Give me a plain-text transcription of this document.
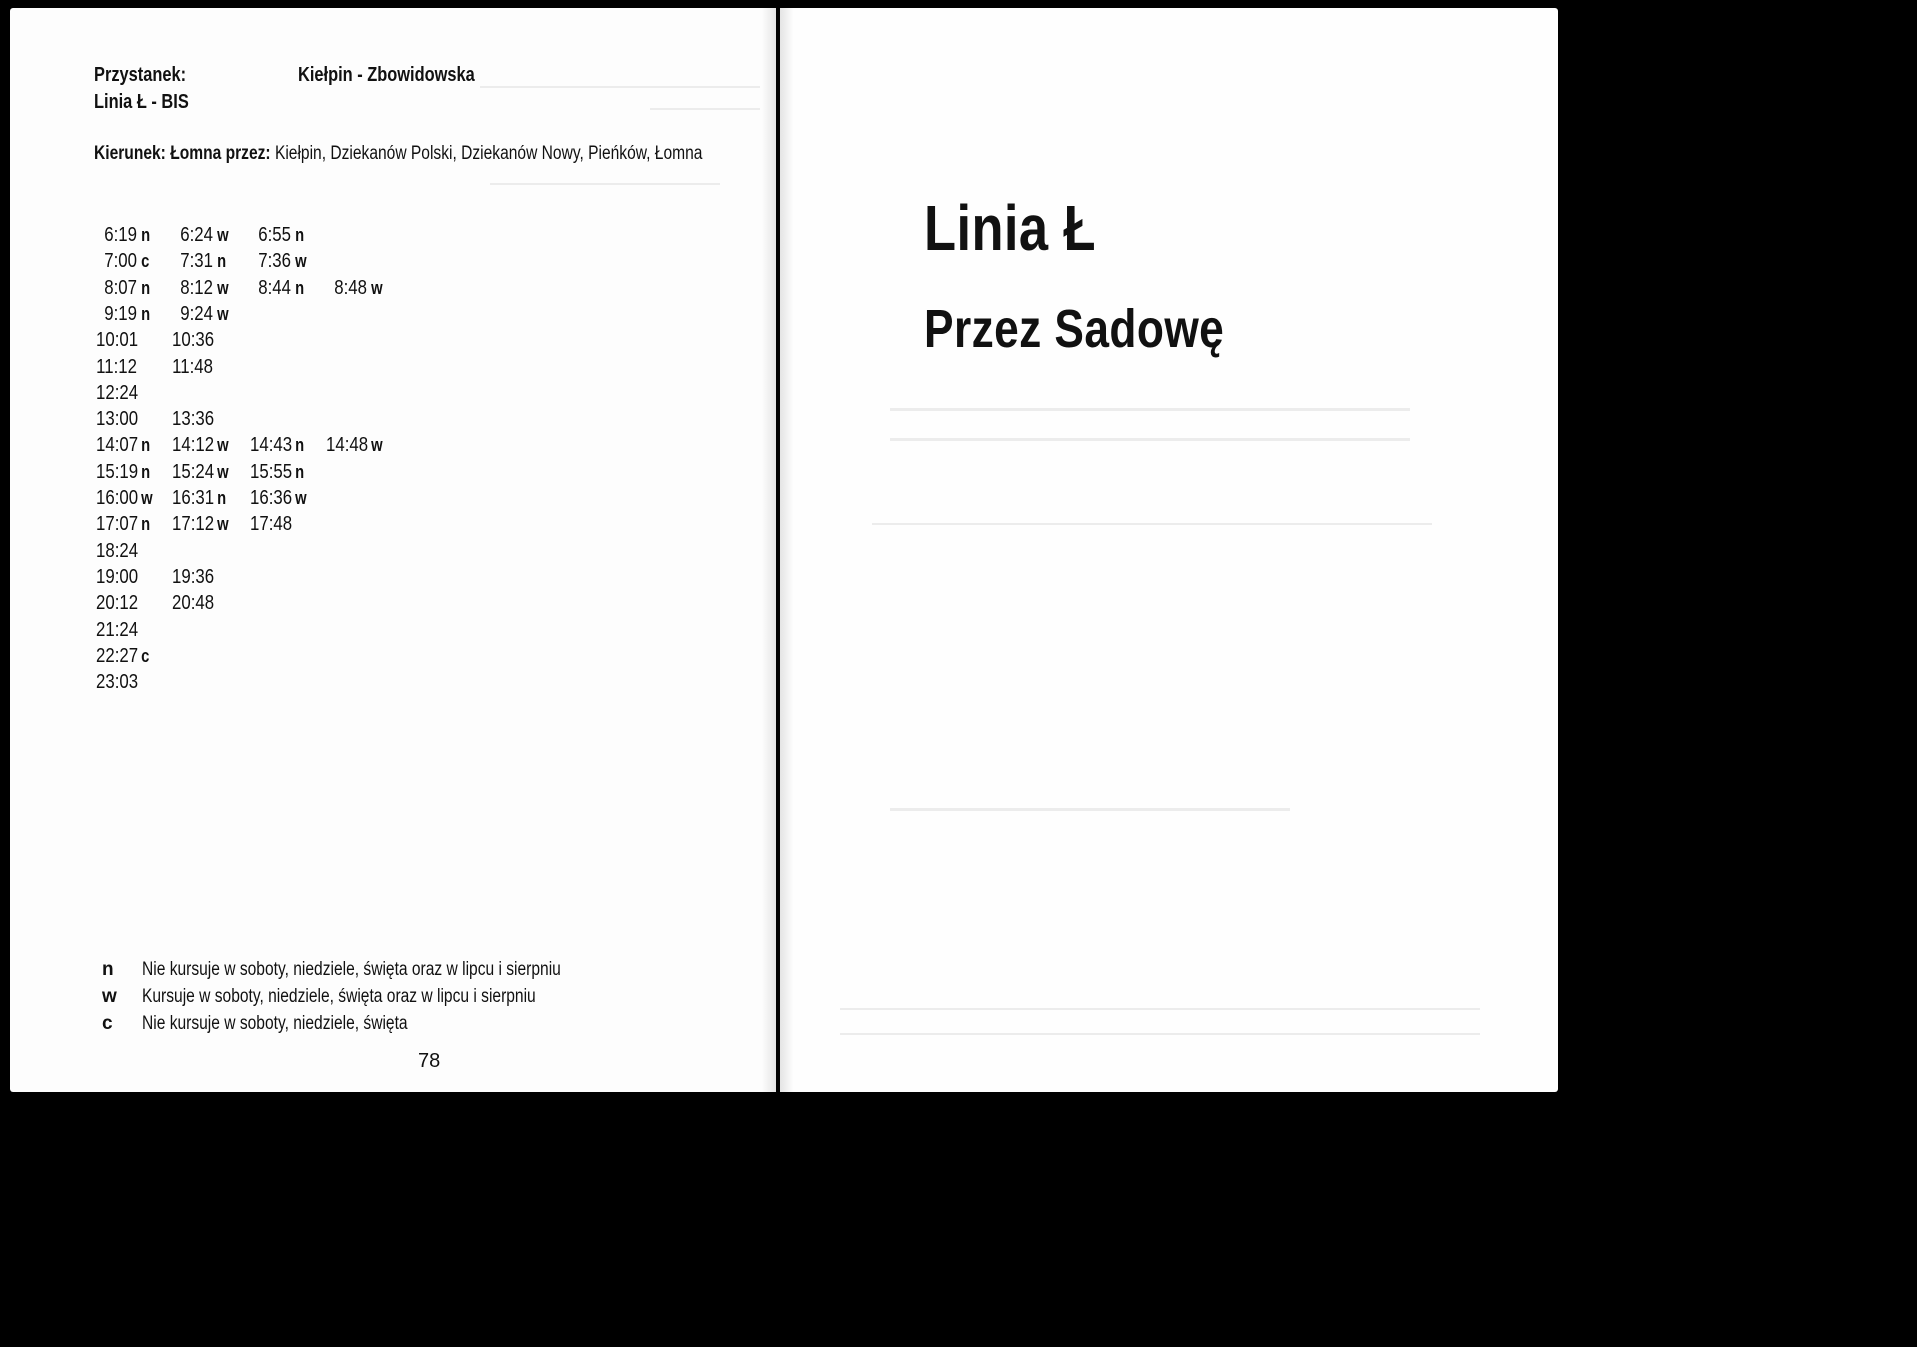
Przystanek:	Kiełpin - Zbowidowska
Linia Ł - BIS
Kierunek: Łomna przez: Kiełpin, Dziekanów Polski, Dziekanów Nowy, Pieńków, Łomna
6:19 n	6:24 w	6:55 n
7:00 c	7:31 n	7:36 w
8:07 n	8:12 w	8:44 n	8:48 w
9:19 n	9:24 w
10:01	10:36
11:12	11:48
12:24
13:00	13:36
14:07 n	14:12 w	14:43 n	14:48 w
15:19 n	15:24 w	15:55 n
16:00 w 16:31 n	16:36 w
17:07 n	17:12 w	17:48
18:24
19:00	19:36
20:12	20:48
21:24
22:27 c
23:03
n	Nie kursuje w soboty, niedziele, święta oraz w lipcu i sierpniu
w Kursuje w soboty, niedziele, święta oraz w lipcu i sierpniu
c	Nie kursuje w soboty, niedziele, święta
78
Linia Ł
Przez Sadowę
